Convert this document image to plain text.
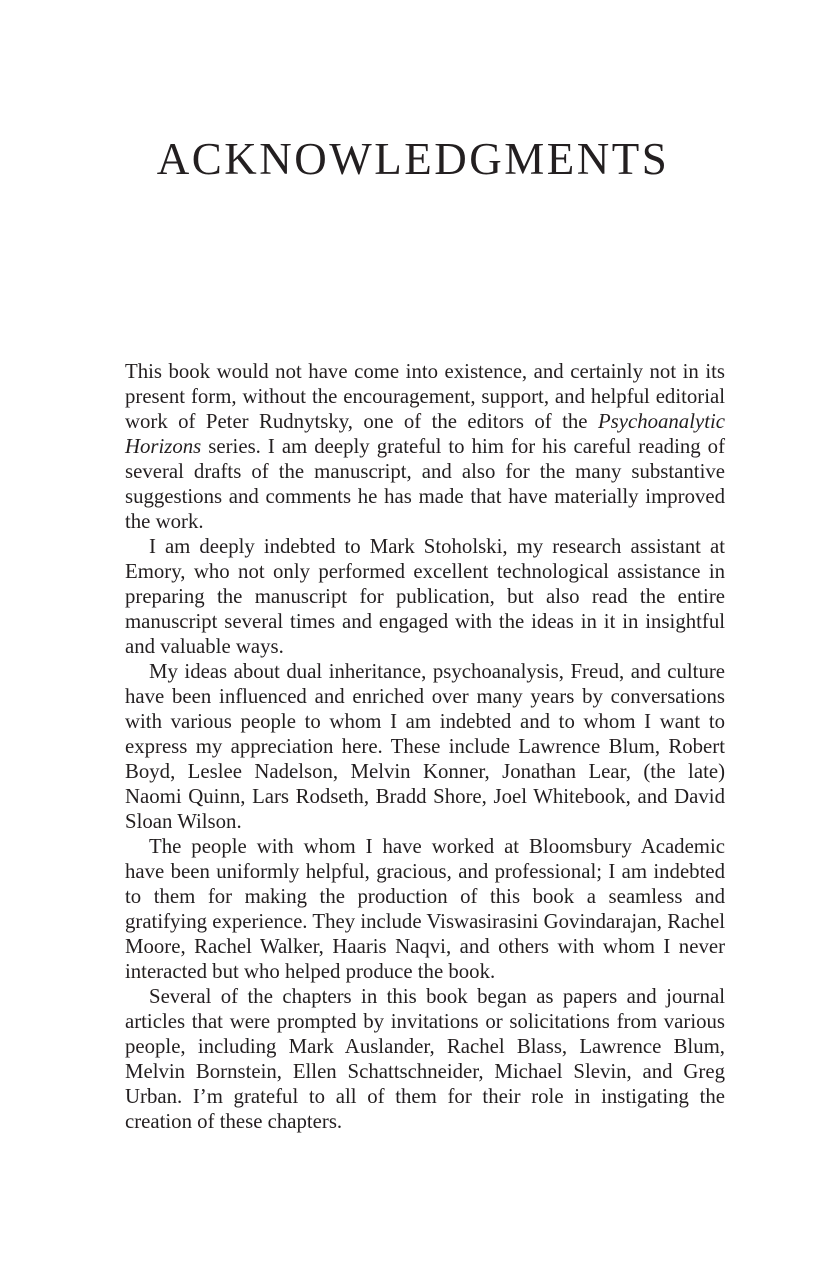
ACKNOWLEDGMENTS

This book would not have come into existence, and certainly not in its present form, without the encouragement, support, and helpful editorial work of Peter Rudnytsky, one of the editors of the Psychoanalytic Horizons series. I am deeply grateful to him for his careful reading of several drafts of the manuscript, and also for the many substantive suggestions and comments he has made that have materially improved the work.

I am deeply indebted to Mark Stoholski, my research assistant at Emory, who not only performed excellent technological assistance in preparing the manuscript for publication, but also read the entire manuscript several times and engaged with the ideas in it in insightful and valuable ways.

My ideas about dual inheritance, psychoanalysis, Freud, and culture have been influenced and enriched over many years by conversations with various people to whom I am indebted and to whom I want to express my appreciation here. These include Lawrence Blum, Robert Boyd, Leslee Nadelson, Melvin Konner, Jonathan Lear, (the late) Naomi Quinn, Lars Rodseth, Bradd Shore, Joel Whitebook, and David Sloan Wilson.

The people with whom I have worked at Bloomsbury Academic have been uniformly helpful, gracious, and professional; I am indebted to them for making the production of this book a seamless and gratifying experience. They include Viswasirasini Govindarajan, Rachel Moore, Rachel Walker, Haaris Naqvi, and others with whom I never interacted but who helped produce the book.

Several of the chapters in this book began as papers and journal articles that were prompted by invitations or solicitations from various people, including Mark Auslander, Rachel Blass, Lawrence Blum, Melvin Bornstein, Ellen Schattschneider, Michael Slevin, and Greg Urban. I’m grateful to all of them for their role in instigating the creation of these chapters.
